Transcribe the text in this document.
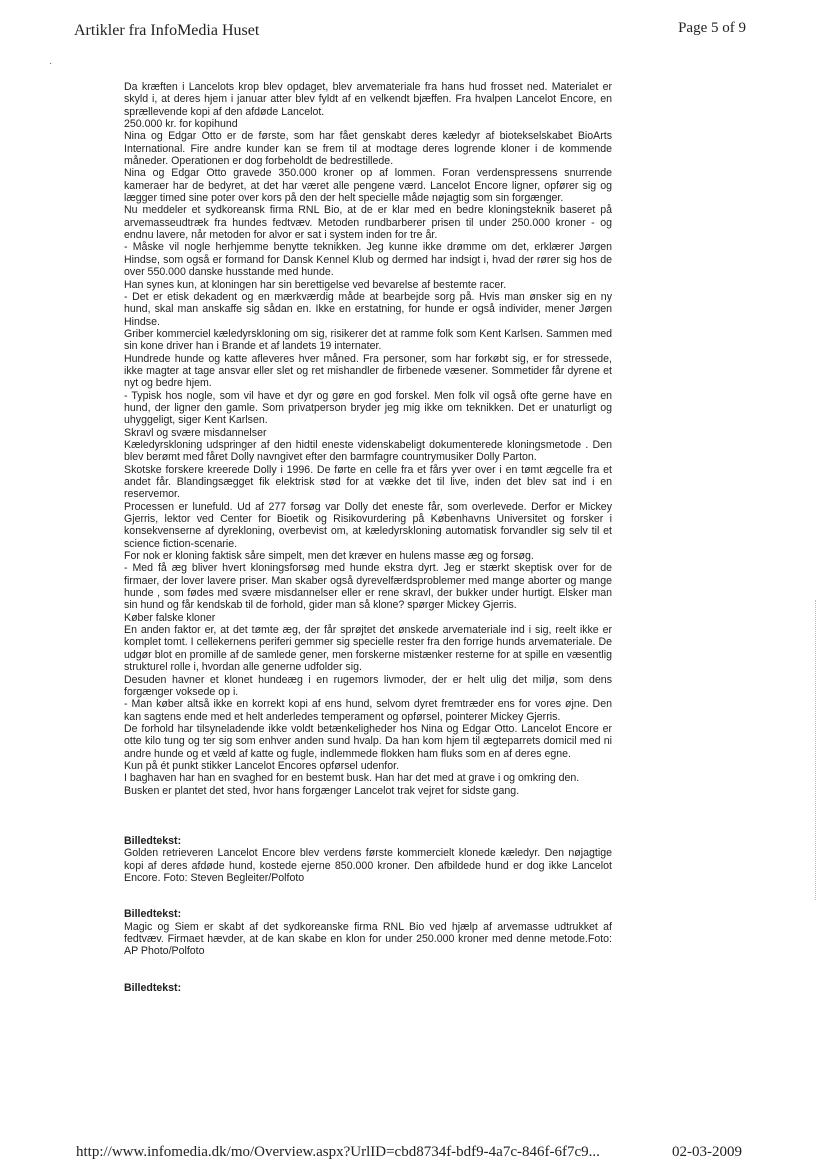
Artikler fra InfoMedia Huset	Page 5 of 9
·

Da kræften i Lancelots krop blev opdaget, blev arvemateriale fra hans hud frosset ned. Materialet er skyld i, at deres hjem i januar atter blev fyldt af en velkendt bjæffen. Fra hvalpen Lancelot Encore, en sprællevende kopi af den afdøde Lancelot.

250.000 kr. for kopihund

Nina og Edgar Otto er de første, som har fået genskabt deres kæledyr af biotekselskabet BioArts International. Fire andre kunder kan se frem til at modtage deres logrende kloner i de kommende måneder. Operationen er dog forbeholdt de bedrestillede.

Nina og Edgar Otto gravede 350.000 kroner op af lommen. Foran verdenspressens snurrende kameraer har de bedyret, at det har været alle pengene værd. Lancelot Encore ligner, opfører sig og lægger timed sine poter over kors på den der helt specielle måde nøjagtig som sin forgænger.

Nu meddeler et sydkoreansk firma RNL Bio, at de er klar med en bedre kloningsteknik baseret på arvemasseudtræk fra hundes fedtvæv. Metoden rundbarberer prisen til under 250.000 kroner - og endnu lavere, når metoden for alvor er sat i system inden for tre år.

- Måske vil nogle herhjemme benytte teknikken. Jeg kunne ikke drømme om det, erklærer Jørgen Hindse, som også er formand for Dansk Kennel Klub og dermed har indsigt i, hvad der rører sig hos de over 550.000 danske husstande med hunde.

Han synes kun, at kloningen har sin berettigelse ved bevarelse af bestemte racer.

- Det er etisk dekadent og en mærkværdig måde at bearbejde sorg på. Hvis man ønsker sig en ny hund, skal man anskaffe sig sådan en. Ikke en erstatning, for hunde er også individer, mener Jørgen Hindse.

Griber kommerciel kæledyrskloning om sig, risikerer det at ramme folk som Kent Karlsen. Sammen med sin kone driver han i Brande et af landets 19 internater.

Hundrede hunde og katte afleveres hver måned. Fra personer, som har forkøbt sig, er for stressede, ikke magter at tage ansvar eller slet og ret mishandler de firbenede væsener. Sommetider får dyrene et nyt og bedre hjem.

- Typisk hos nogle, som vil have et dyr og gøre en god forskel. Men folk vil også ofte gerne have en hund, der ligner den gamle. Som privatperson bryder jeg mig ikke om teknikken. Det er unaturligt og uhyggeligt, siger Kent Karlsen.

Skravl og svære misdannelser

Kæledyrskloning udspringer af den hidtil eneste videnskabeligt dokumenterede kloningsmetode . Den blev berømt med fåret Dolly navngivet efter den barmfagre countrymusiker Dolly Parton.

Skotske forskere kreerede Dolly i 1996. De førte en celle fra et fårs yver over i en tømt ægcelle fra et andet får. Blandingsægget fik elektrisk stød for at vække det til live, inden det blev sat ind i en reservemor.

Processen er lunefuld. Ud af 277 forsøg var Dolly det eneste får, som overlevede. Derfor er Mickey Gjerris, lektor ved Center for Bioetik og Risikovurdering på Københavns Universitet og forsker i konsekvenserne af dyrekloning, overbevist om, at kæledyrskloning automatisk forvandler sig selv til et science fiction-scenarie.

For nok er kloning faktisk såre simpelt, men det kræver en hulens masse æg og forsøg.

- Med få æg bliver hvert kloningsforsøg med hunde ekstra dyrt. Jeg er stærkt skeptisk over for de firmaer, der lover lavere priser. Man skaber også dyrevelfærdsproblemer med mange aborter og mange hunde , som fødes med svære misdannelser eller er rene skravl, der bukker under hurtigt. Elsker man sin hund og får kendskab til de forhold, gider man så klone? spørger Mickey Gjerris.

Køber falske kloner

En anden faktor er, at det tømte æg, der får sprøjtet det ønskede arvemateriale ind i sig, reelt ikke er komplet tomt. I cellekernens periferi gemmer sig specielle rester fra den forrige hunds arvemateriale. De udgør blot en promille af de samlede gener, men forskerne mistænker resterne for at spille en væsentlig strukturel rolle i, hvordan alle generne udfolder sig.

Desuden havner et klonet hundeæg i en rugemors livmoder, der er helt ulig det miljø, som dens forgænger voksede op i.

- Man køber altså ikke en korrekt kopi af ens hund, selvom dyret fremtræder ens for vores øjne. Den kan sagtens ende med et helt anderledes temperament og opførsel, pointerer Mickey Gjerris.

De forhold har tilsyneladende ikke voldt betænkeligheder hos Nina og Edgar Otto. Lancelot Encore er otte kilo tung og ter sig som enhver anden sund hvalp. Da han kom hjem til ægteparrets domicil med ni andre hunde og et væld af katte og fugle, indlemmede flokken ham fluks som en af deres egne.

Kun på ét punkt stikker Lancelot Encores opførsel udenfor.

I baghaven har han en svaghed for en bestemt busk. Han har det med at grave i og omkring den.

Busken er plantet det sted, hvor hans forgænger Lancelot trak vejret for sidste gang.

Billedtekst:

Golden retrieveren Lancelot Encore blev verdens første kommercielt klonede kæledyr. Den nøjagtige kopi af deres afdøde hund, kostede ejerne 850.000 kroner. Den afbildede hund er dog ikke Lancelot Encore. Foto: Steven Begleiter/Polfoto

Billedtekst:

Magic og Siem er skabt af det sydkoreanske firma RNL Bio ved hjælp af arvemasse udtrukket af fedtvæv. Firmaet hævder, at de kan skabe en klon for under 250.000 kroner med denne metode.Foto: AP Photo/Polfoto

Billedtekst:

http://www.infomedia.dk/mo/Overview.aspx?UrlID=cbd8734f-bdf9-4a7c-846f-6f7c9...	02-03-2009
